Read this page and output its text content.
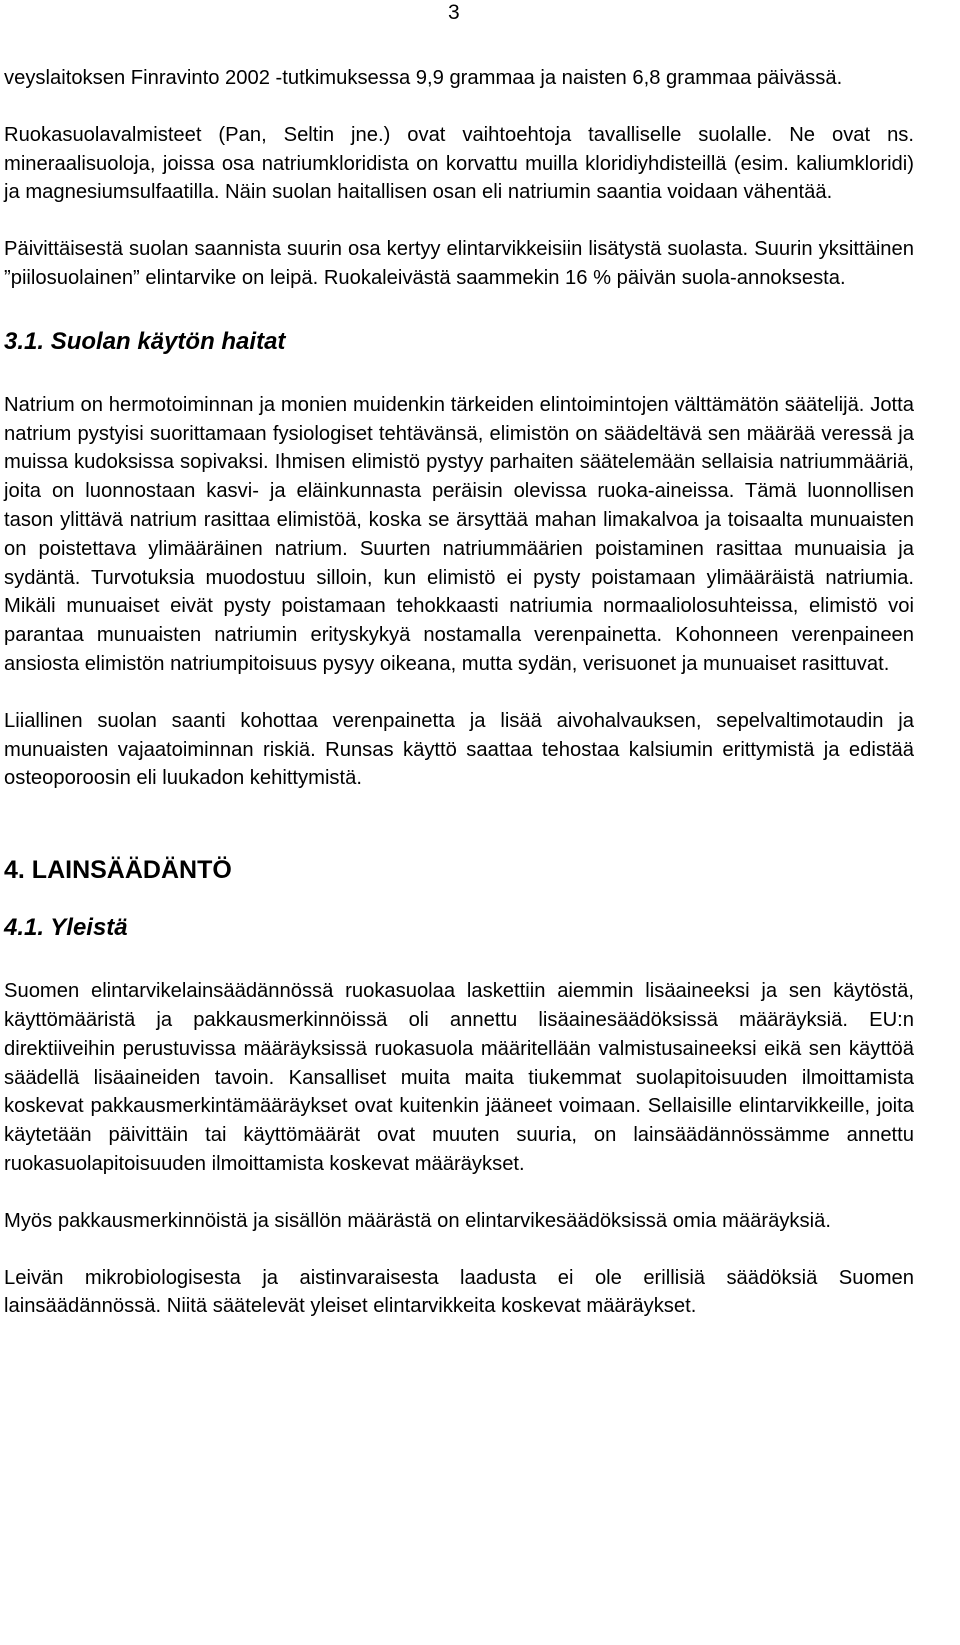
3

veyslaitoksen Finravinto 2002 -tutkimuksessa 9,9 grammaa ja naisten 6,8 grammaa päivässä.

Ruokasuolavalmisteet (Pan, Seltin jne.) ovat vaihtoehtoja tavalliselle suolalle. Ne ovat ns. mineraalisuoloja, joissa osa natriumkloridista on korvattu muilla kloridiyhdisteillä (esim. kaliumkloridi) ja magnesiumsulfaatilla. Näin suolan haitallisen osan eli natriumin saantia voidaan vähentää.

Päivittäisestä suolan saannista suurin osa kertyy elintarvikkeisiin lisätystä suolasta. Suurin yksittäinen ”piilosuolainen” elintarvike on leipä. Ruokaleivästä saammekin 16 % päivän suola-annoksesta.

3.1. Suolan käytön haitat

Natrium on hermotoiminnan ja monien muidenkin tärkeiden elintoimintojen välttämätön säätelijä. Jotta natrium pystyisi suorittamaan fysiologiset tehtävänsä, elimistön on säädeltävä sen määrää veressä ja muissa kudoksissa sopivaksi. Ihmisen elimistö pystyy parhaiten säätelemään sellaisia natriummääriä, joita on luonnostaan kasvi- ja eläinkunnasta peräisin olevissa ruoka-aineissa. Tämä luonnollisen tason ylittävä natrium rasittaa elimistöä, koska se ärsyttää mahan limakalvoa ja toisaalta munuaisten on poistettava ylimääräinen natrium. Suurten natriummäärien poistaminen rasittaa munuaisia ja sydäntä. Turvotuksia muodostuu silloin, kun elimistö ei pysty poistamaan ylimääräistä natriumia. Mikäli munuaiset eivät pysty poistamaan tehokkaasti natriumia normaaliolosuhteissa, elimistö voi parantaa munuaisten natriumin erityskykyä nostamalla verenpainetta. Kohonneen verenpaineen ansiosta elimistön natriumpitoisuus pysyy oikeana, mutta sydän, verisuonet ja munuaiset rasittuvat.

Liiallinen suolan saanti kohottaa verenpainetta ja lisää aivohalvauksen, sepelvaltimotaudin ja munuaisten vajaatoiminnan riskiä. Runsas käyttö saattaa tehostaa kalsiumin erittymistä ja edistää osteoporoosin eli luukadon kehittymistä.

4. LAINSÄÄDÄNTÖ
4.1. Yleistä

Suomen elintarvikelainsäädännössä ruokasuolaa laskettiin aiemmin lisäaineeksi ja sen käytöstä, käyttömääristä ja pakkausmerkinnöissä oli annettu lisäainesäädöksissä määräyksiä. EU:n direktiiveihin perustuvissa määräyksissä ruokasuola määritellään valmistusaineeksi eikä sen käyttöä säädellä lisäaineiden tavoin. Kansalliset muita maita tiukemmat suolapitoisuuden ilmoittamista koskevat pakkausmerkintämääräykset ovat kuitenkin jääneet voimaan. Sellaisille elintarvikkeille, joita käytetään päivittäin tai käyttömäärät ovat muuten suuria, on lainsäädännössämme annettu ruokasuolapitoisuuden ilmoittamista koskevat määräykset.

Myös pakkausmerkinnöistä ja sisällön määrästä on elintarvikesäädöksissä omia määräyksiä.

Leivän mikrobiologisesta ja aistinvaraisesta laadusta ei ole erillisiä säädöksiä Suomen lainsäädännössä. Niitä säätelevät yleiset elintarvikkeita koskevat määräykset.
